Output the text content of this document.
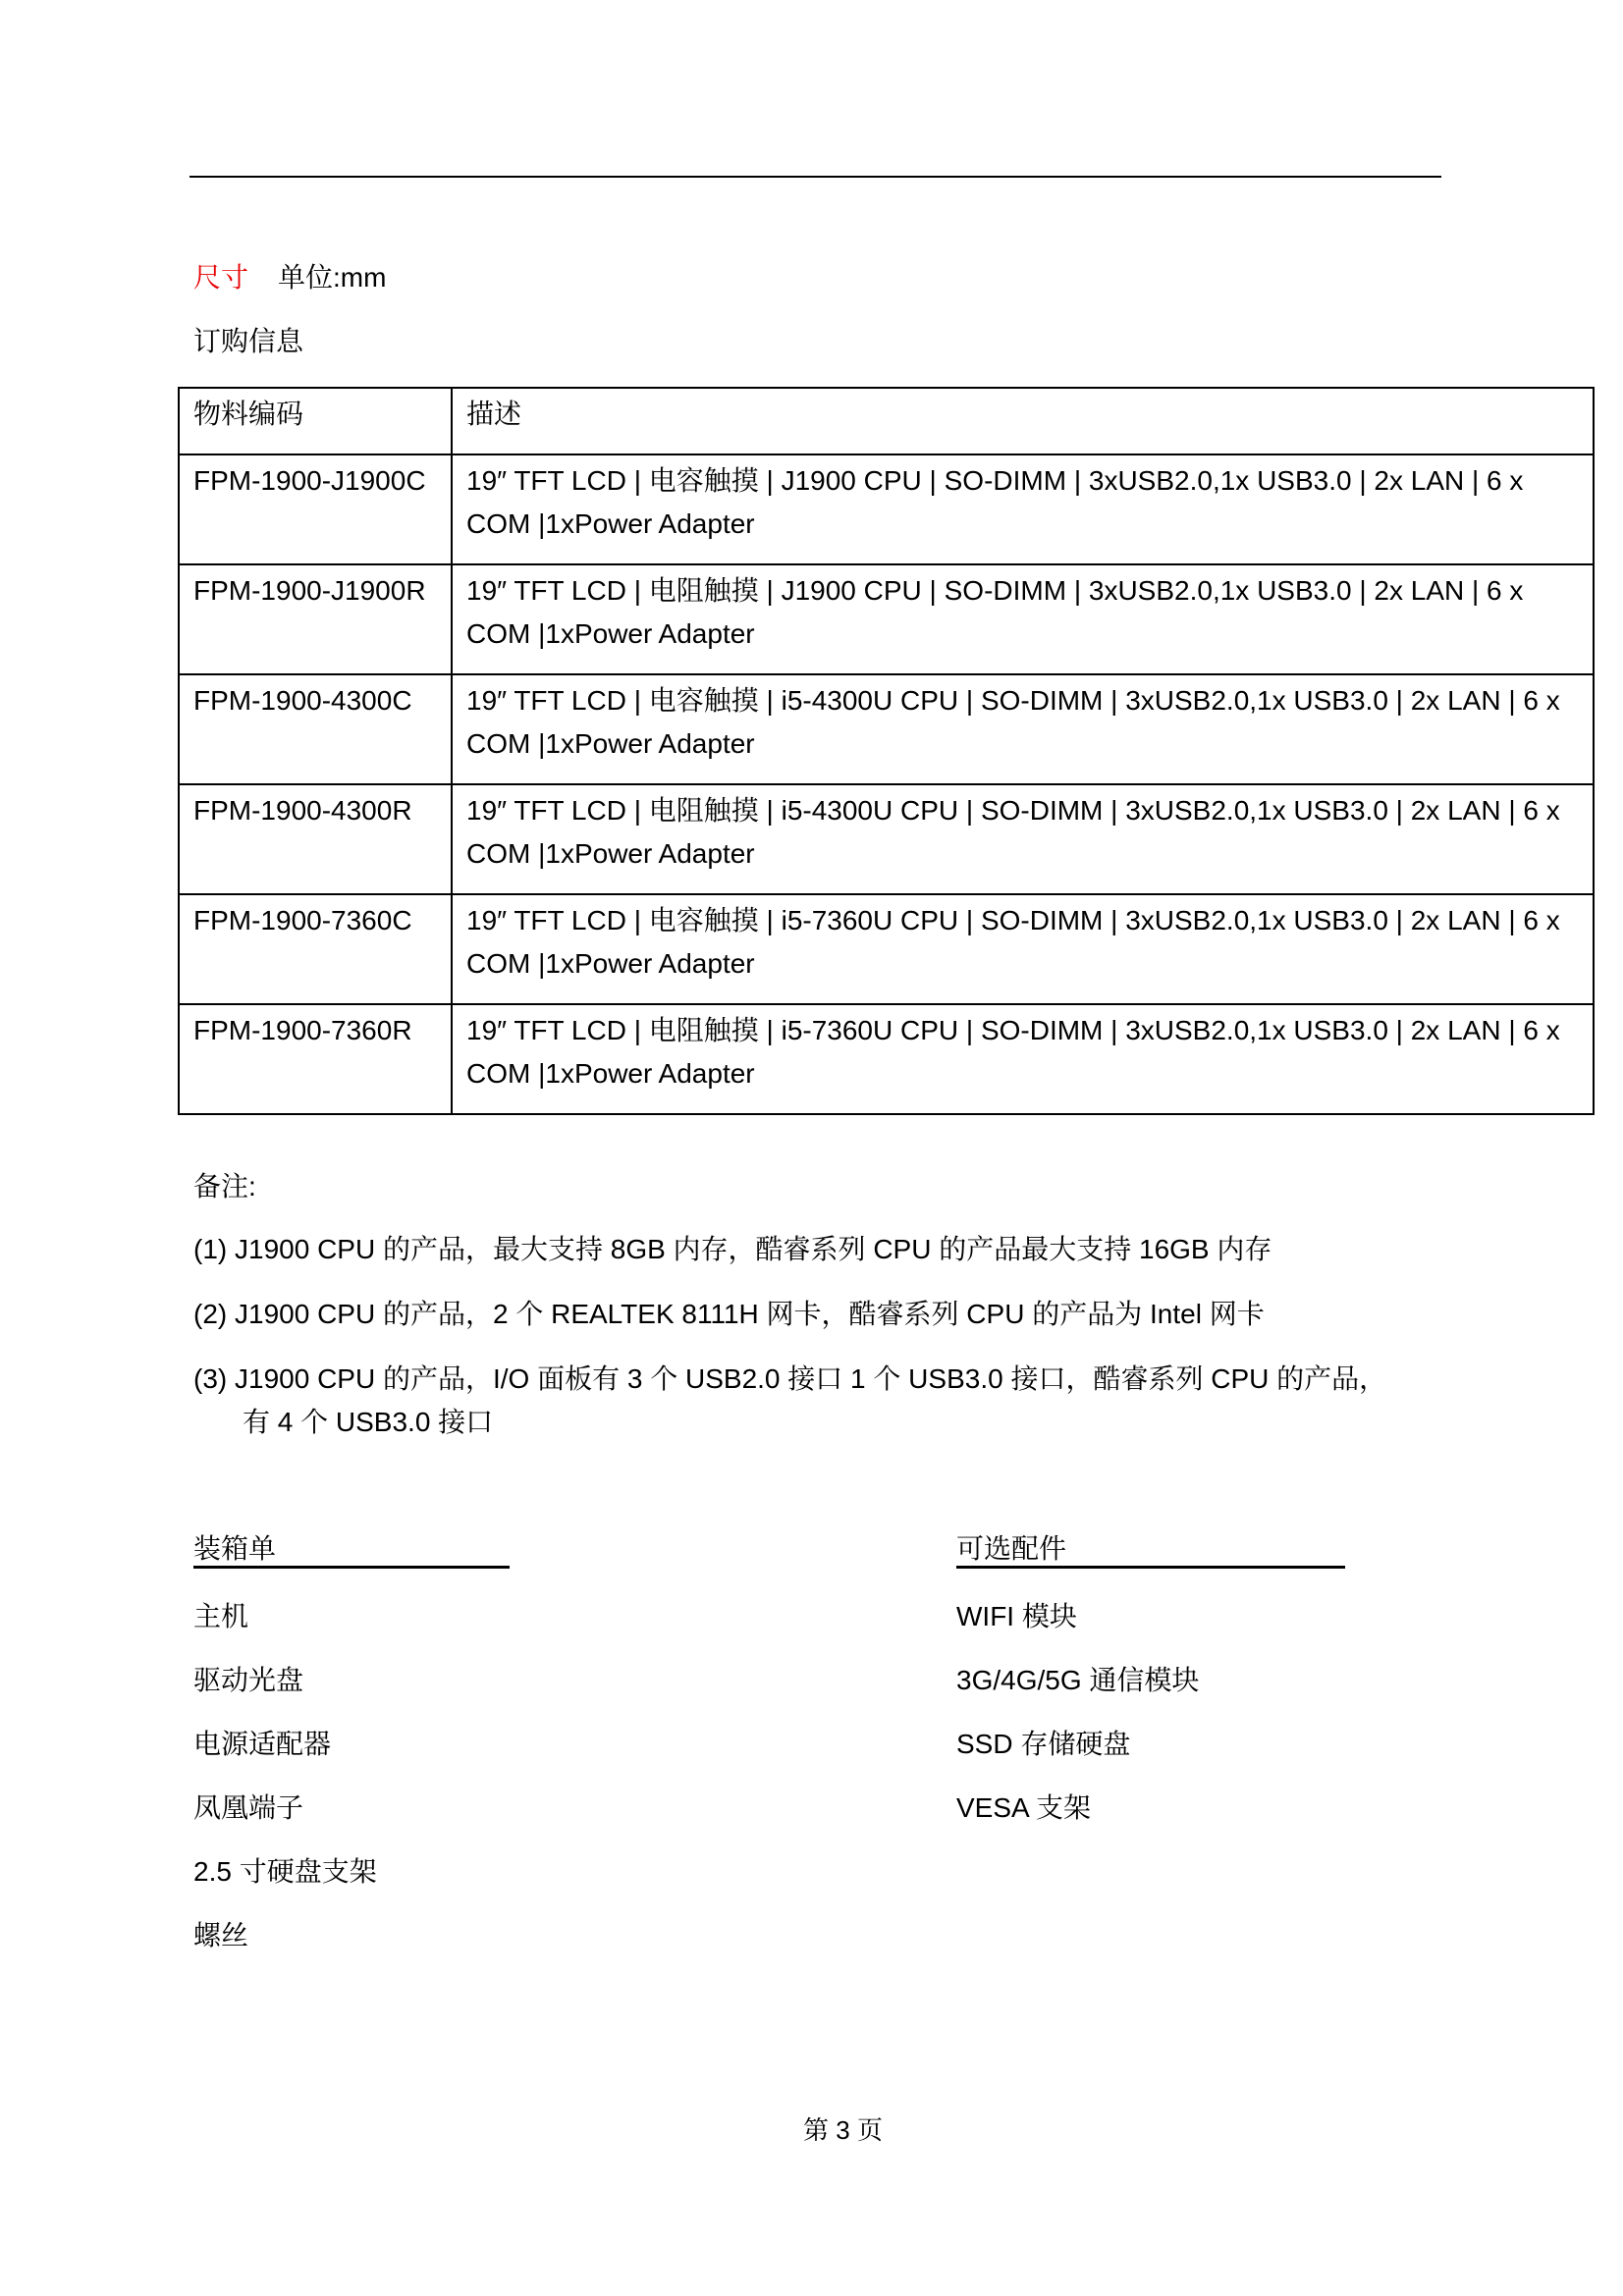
尺寸 单位:mm
订购信息
物料编码	描述
FPM-1900-J1900C	19″ TFT LCD | 电容触摸 | J1900 CPU | SO-DIMM | 3xUSB2.0,1x USB3.0 | 2x LAN | 6 x COM |1xPower Adapter
FPM-1900-J1900R	19″ TFT LCD | 电阻触摸 | J1900 CPU | SO-DIMM | 3xUSB2.0,1x USB3.0 | 2x LAN | 6 x COM |1xPower Adapter
FPM-1900-4300C	19″ TFT LCD | 电容触摸 | i5-4300U CPU | SO-DIMM | 3xUSB2.0,1x USB3.0 | 2x LAN | 6 x COM |1xPower Adapter
FPM-1900-4300R	19″ TFT LCD | 电阻触摸 | i5-4300U CPU | SO-DIMM | 3xUSB2.0,1x USB3.0 | 2x LAN | 6 x COM |1xPower Adapter
FPM-1900-7360C	19″ TFT LCD | 电容触摸 | i5-7360U CPU | SO-DIMM | 3xUSB2.0,1x USB3.0 | 2x LAN | 6 x COM |1xPower Adapter
FPM-1900-7360R	19″ TFT LCD | 电阻触摸 | i5-7360U CPU | SO-DIMM | 3xUSB2.0,1x USB3.0 | 2x LAN | 6 x COM |1xPower Adapter
备注:
(1) J1900 CPU 的产品，最大支持 8GB 内存，酷睿系列 CPU 的产品最大支持 16GB 内存
(2) J1900 CPU 的产品，2 个 REALTEK 8111H 网卡，酷睿系列 CPU 的产品为 Intel 网卡
(3) J1900 CPU 的产品，I/O 面板有 3 个 USB2.0 接口 1 个 USB3.0 接口，酷睿系列 CPU 的产品，
有 4 个 USB3.0 接口
装箱单
主机
驱动光盘
电源适配器
凤凰端子
2.5 寸硬盘支架
螺丝
可选配件
WIFI 模块
3G/4G/5G 通信模块
SSD 存储硬盘
VESA 支架
第 3 页
